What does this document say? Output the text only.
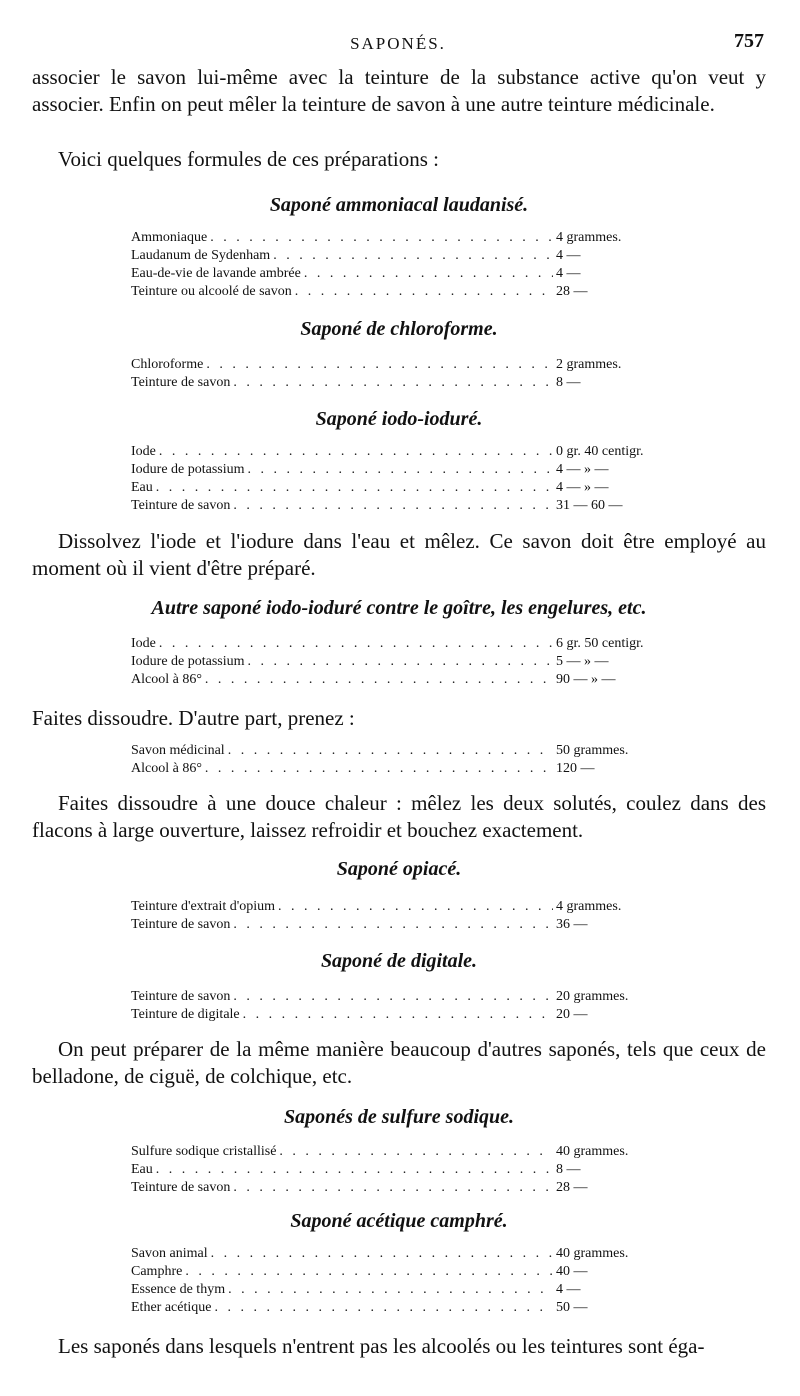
SAPONÉS.	757

associer le savon lui-même avec la teinture de la substance active qu'on veut y associer. Enfin on peut mêler la teinture de savon à une autre teinture médicinale.

Voici quelques formules de ces préparations :

Saponé ammoniacal laudanisé.
Ammoniaque . . .	4 grammes.
Laudanum de Sydenham . . .	4 —
Eau-de-vie de lavande ambrée . . .	4 —
Teinture ou alcoolé de savon . . .	28 —
Saponé de chloroforme.
Chloroforme . . .	2 grammes.
Teinture de savon . . .	8 —
Saponé iodo-ioduré.
Iode . . .	0 gr. 40 centigr.
Iodure de potassium . . .	4 — » —
Eau . . .	4 — » —
Teinture de savon . . .	31 — 60 —

Dissolvez l'iode et l'iodure dans l'eau et mêlez. Ce savon doit être employé au moment où il vient d'être préparé.

Autre saponé iodo-ioduré contre le goître, les engelures, etc.
Iode . . .	6 gr. 50 centigr.
Iodure de potassium . . .	5 — » —
Alcool à 86° . . .	90 — » —

Faites dissoudre. D'autre part, prenez :

Savon médicinal . . .	50 grammes.
Alcool à 86° . . .	120 —

Faites dissoudre à une douce chaleur : mêlez les deux solutés, coulez dans des flacons à large ouverture, laissez refroidir et bouchez exactement.

Saponé opiacé.
Teinture d'extrait d'opium . . .	4 grammes.
Teinture de savon . . .	36 —
Saponé de digitale.
Teinture de savon . . .	20 grammes.
Teinture de digitale . . .	20 —

On peut préparer de la même manière beaucoup d'autres saponés, tels que ceux de belladone, de ciguë, de colchique, etc.

Saponés de sulfure sodique.
Sulfure sodique cristallisé . . .	40 grammes.
Eau . . .	8 —
Teinture de savon . . .	28 —
Saponé acétique camphré.
Savon animal . . .	40 grammes.
Camphre . . .	40 —
Essence de thym . . .	4 —
Ether acétique . . .	50 —

Les saponés dans lesquels n'entrent pas les alcoolés ou les teintures sont éga-
